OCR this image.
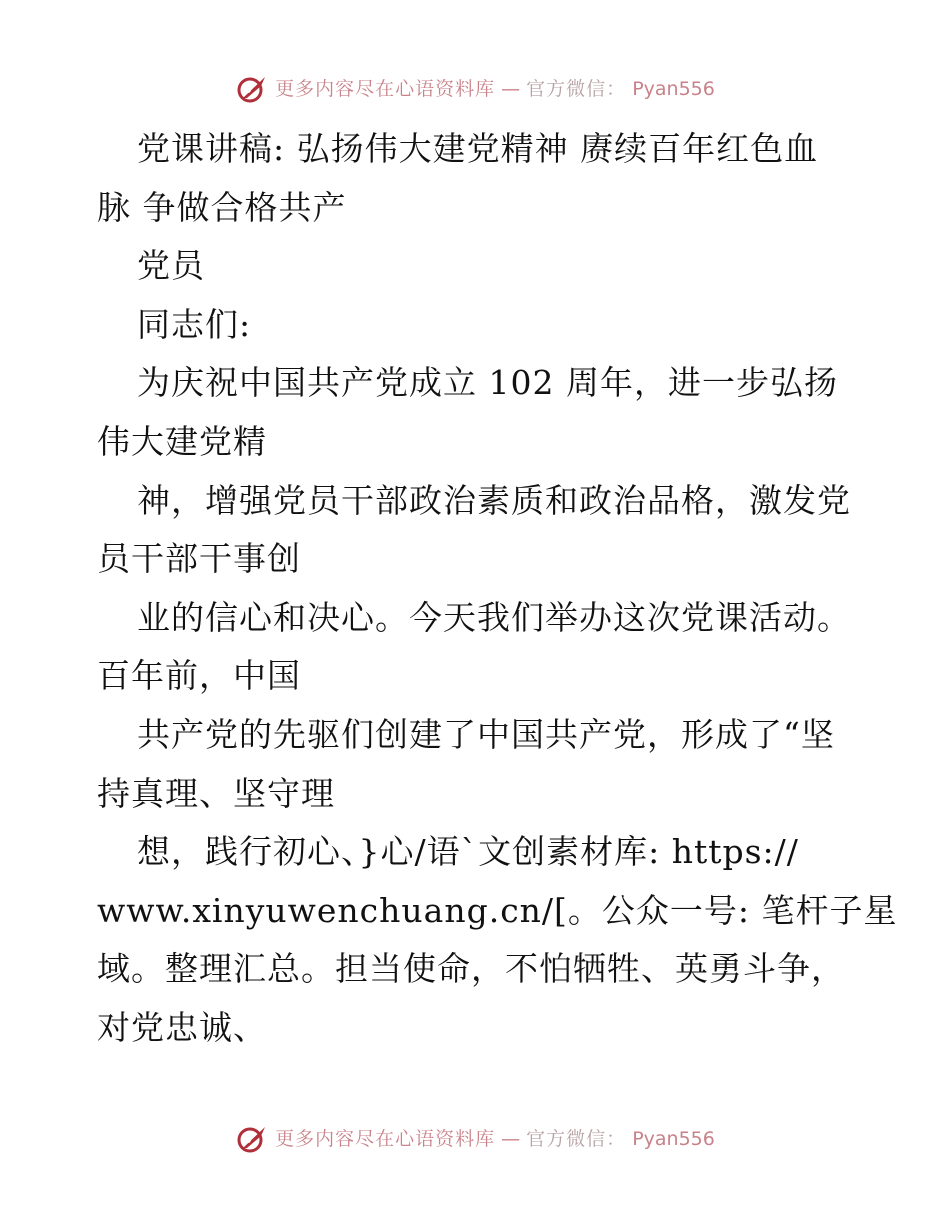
更多内容尽在心语资料库 — 官方微信： Pyan556
党课讲稿: 弘扬伟大建党精神 赓续百年红色血
脉 争做合格共产
党员
同志们:
为庆祝中国共产党成立 102 周年，进一步弘扬
伟大建党精
神，增强党员干部政治素质和政治品格，激发党
员干部干事创
业的信心和决心。今天我们举办这次党课活动。
百年前，中国
共产党的先驱们创建了中国共产党，形成了“坚
持真理、坚守理
想，践行初心、}心/语`文创素材库: https://
www.xinyuwenchuang.cn/[。公众一号: 笔杆子星
域。整理汇总。担当使命，不怕牺牲、英勇斗争，
对党忠诚、
更多内容尽在心语资料库 — 官方微信： Pyan556
